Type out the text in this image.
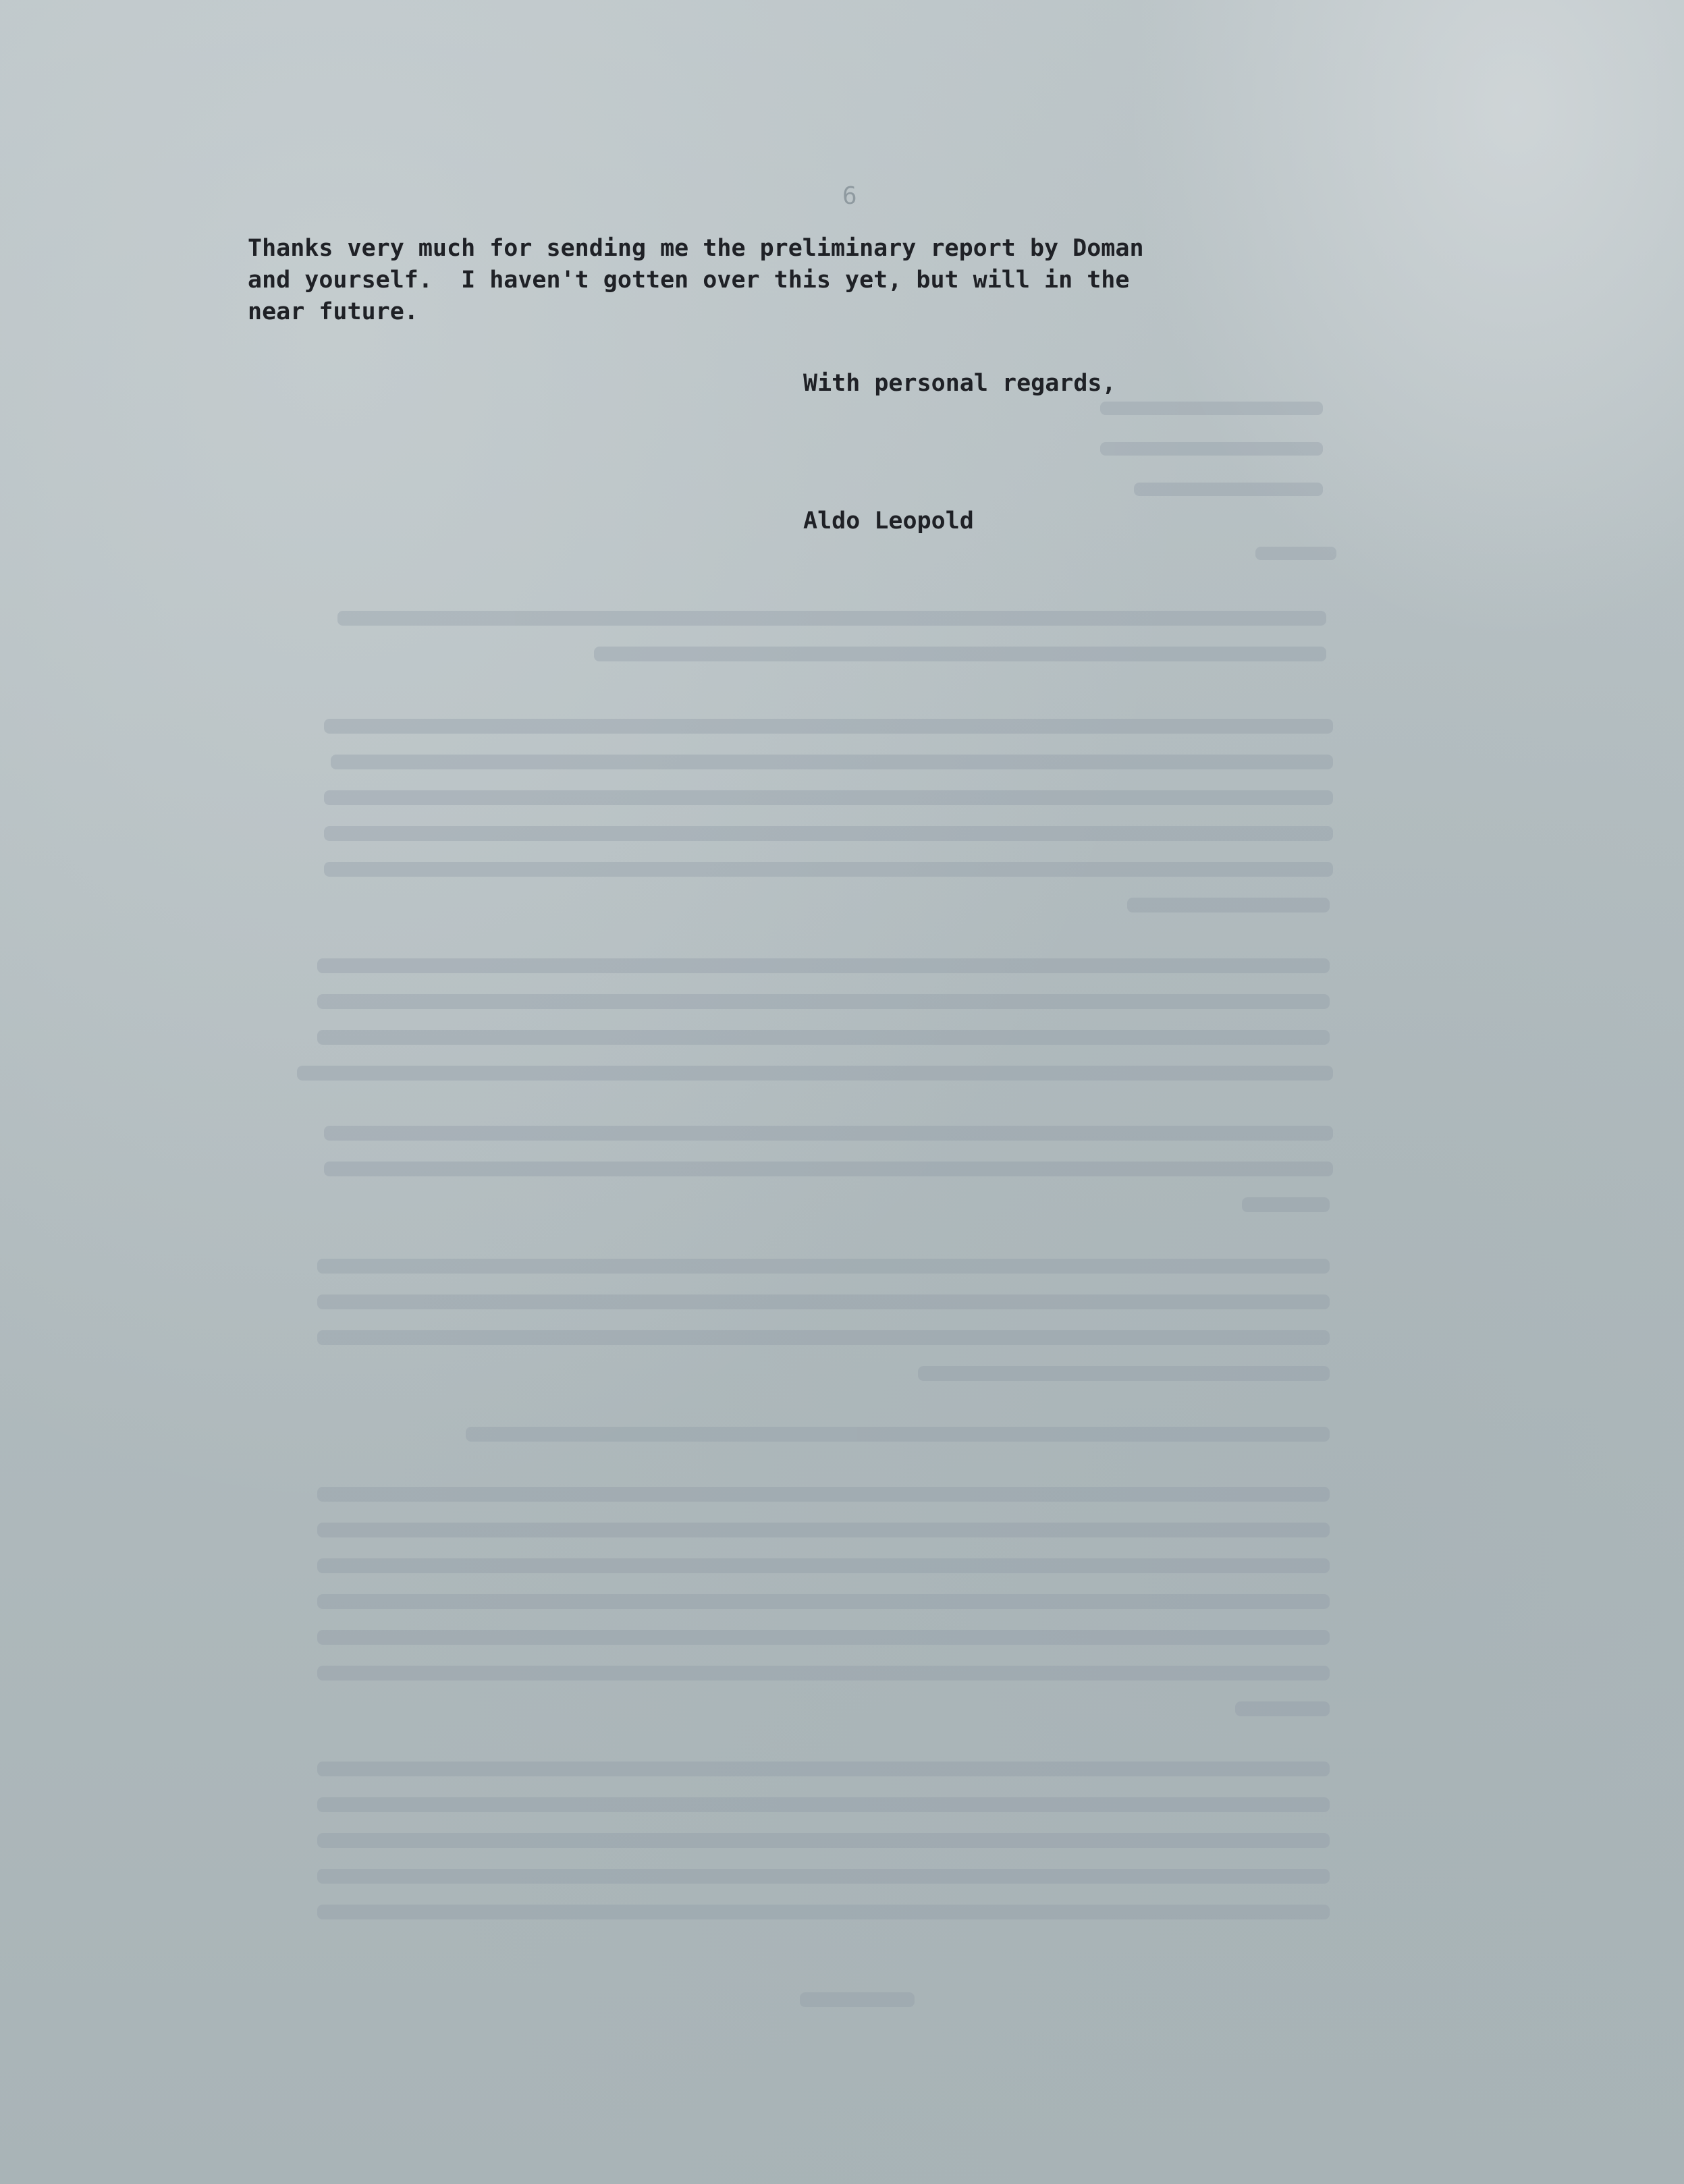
6

Thanks very much for sending me the preliminary report by Doman
and yourself.  I haven't gotten over this yet, but will in the
near future.

With personal regards,

Aldo Leopold
